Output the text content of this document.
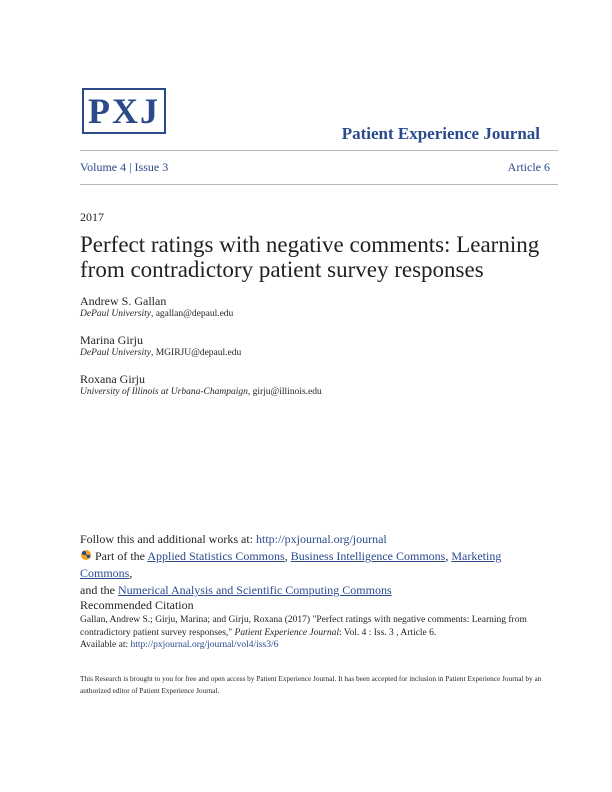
PXJ
Patient Experience Journal
Volume 4 | Issue 3	Article 6
2017
Perfect ratings with negative comments: Learning from contradictory patient survey responses
Andrew S. Gallan
DePaul University, agallan@depaul.edu
Marina Girju
DePaul University, MGIRJU@depaul.edu
Roxana Girju
University of Illinois at Urbana-Champaign, girju@illinois.edu
Follow this and additional works at: http://pxjournal.org/journal
Part of the Applied Statistics Commons, Business Intelligence Commons, Marketing Commons,
and the Numerical Analysis and Scientific Computing Commons
Recommended Citation
Gallan, Andrew S.; Girju, Marina; and Girju, Roxana (2017) "Perfect ratings with negative comments: Learning from contradictory patient survey responses," Patient Experience Journal: Vol. 4 : Iss. 3 , Article 6.
Available at: http://pxjournal.org/journal/vol4/iss3/6
This Research is brought to you for free and open access by Patient Experience Journal. It has been accepted for inclusion in Patient Experience Journal by an authorized editor of Patient Experience Journal.
